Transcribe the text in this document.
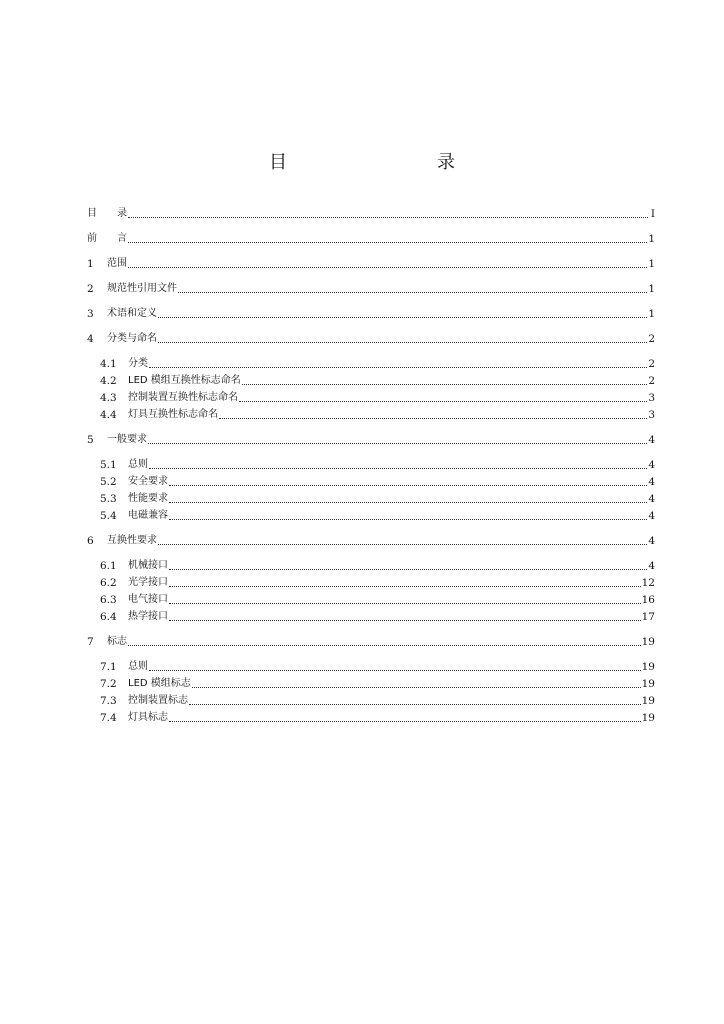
目　　录
目　　录	I
前　　言	1
1	范围	1
2	规范性引用文件	1
3	术语和定义	1
4	分类与命名	2
4.1	分类	2
4.2	LED 模组互换性标志命名	2
4.3	控制装置互换性标志命名	3
4.4	灯具互换性标志命名	3
5	一般要求	4
5.1	总则	4
5.2	安全要求	4
5.3	性能要求	4
5.4	电磁兼容	4
6	互换性要求	4
6.1	机械接口	4
6.2	光学接口	12
6.3	电气接口	16
6.4	热学接口	17
7	标志	19
7.1	总则	19
7.2	LED 模组标志	19
7.3	控制装置标志	19
7.4	灯具标志	19
